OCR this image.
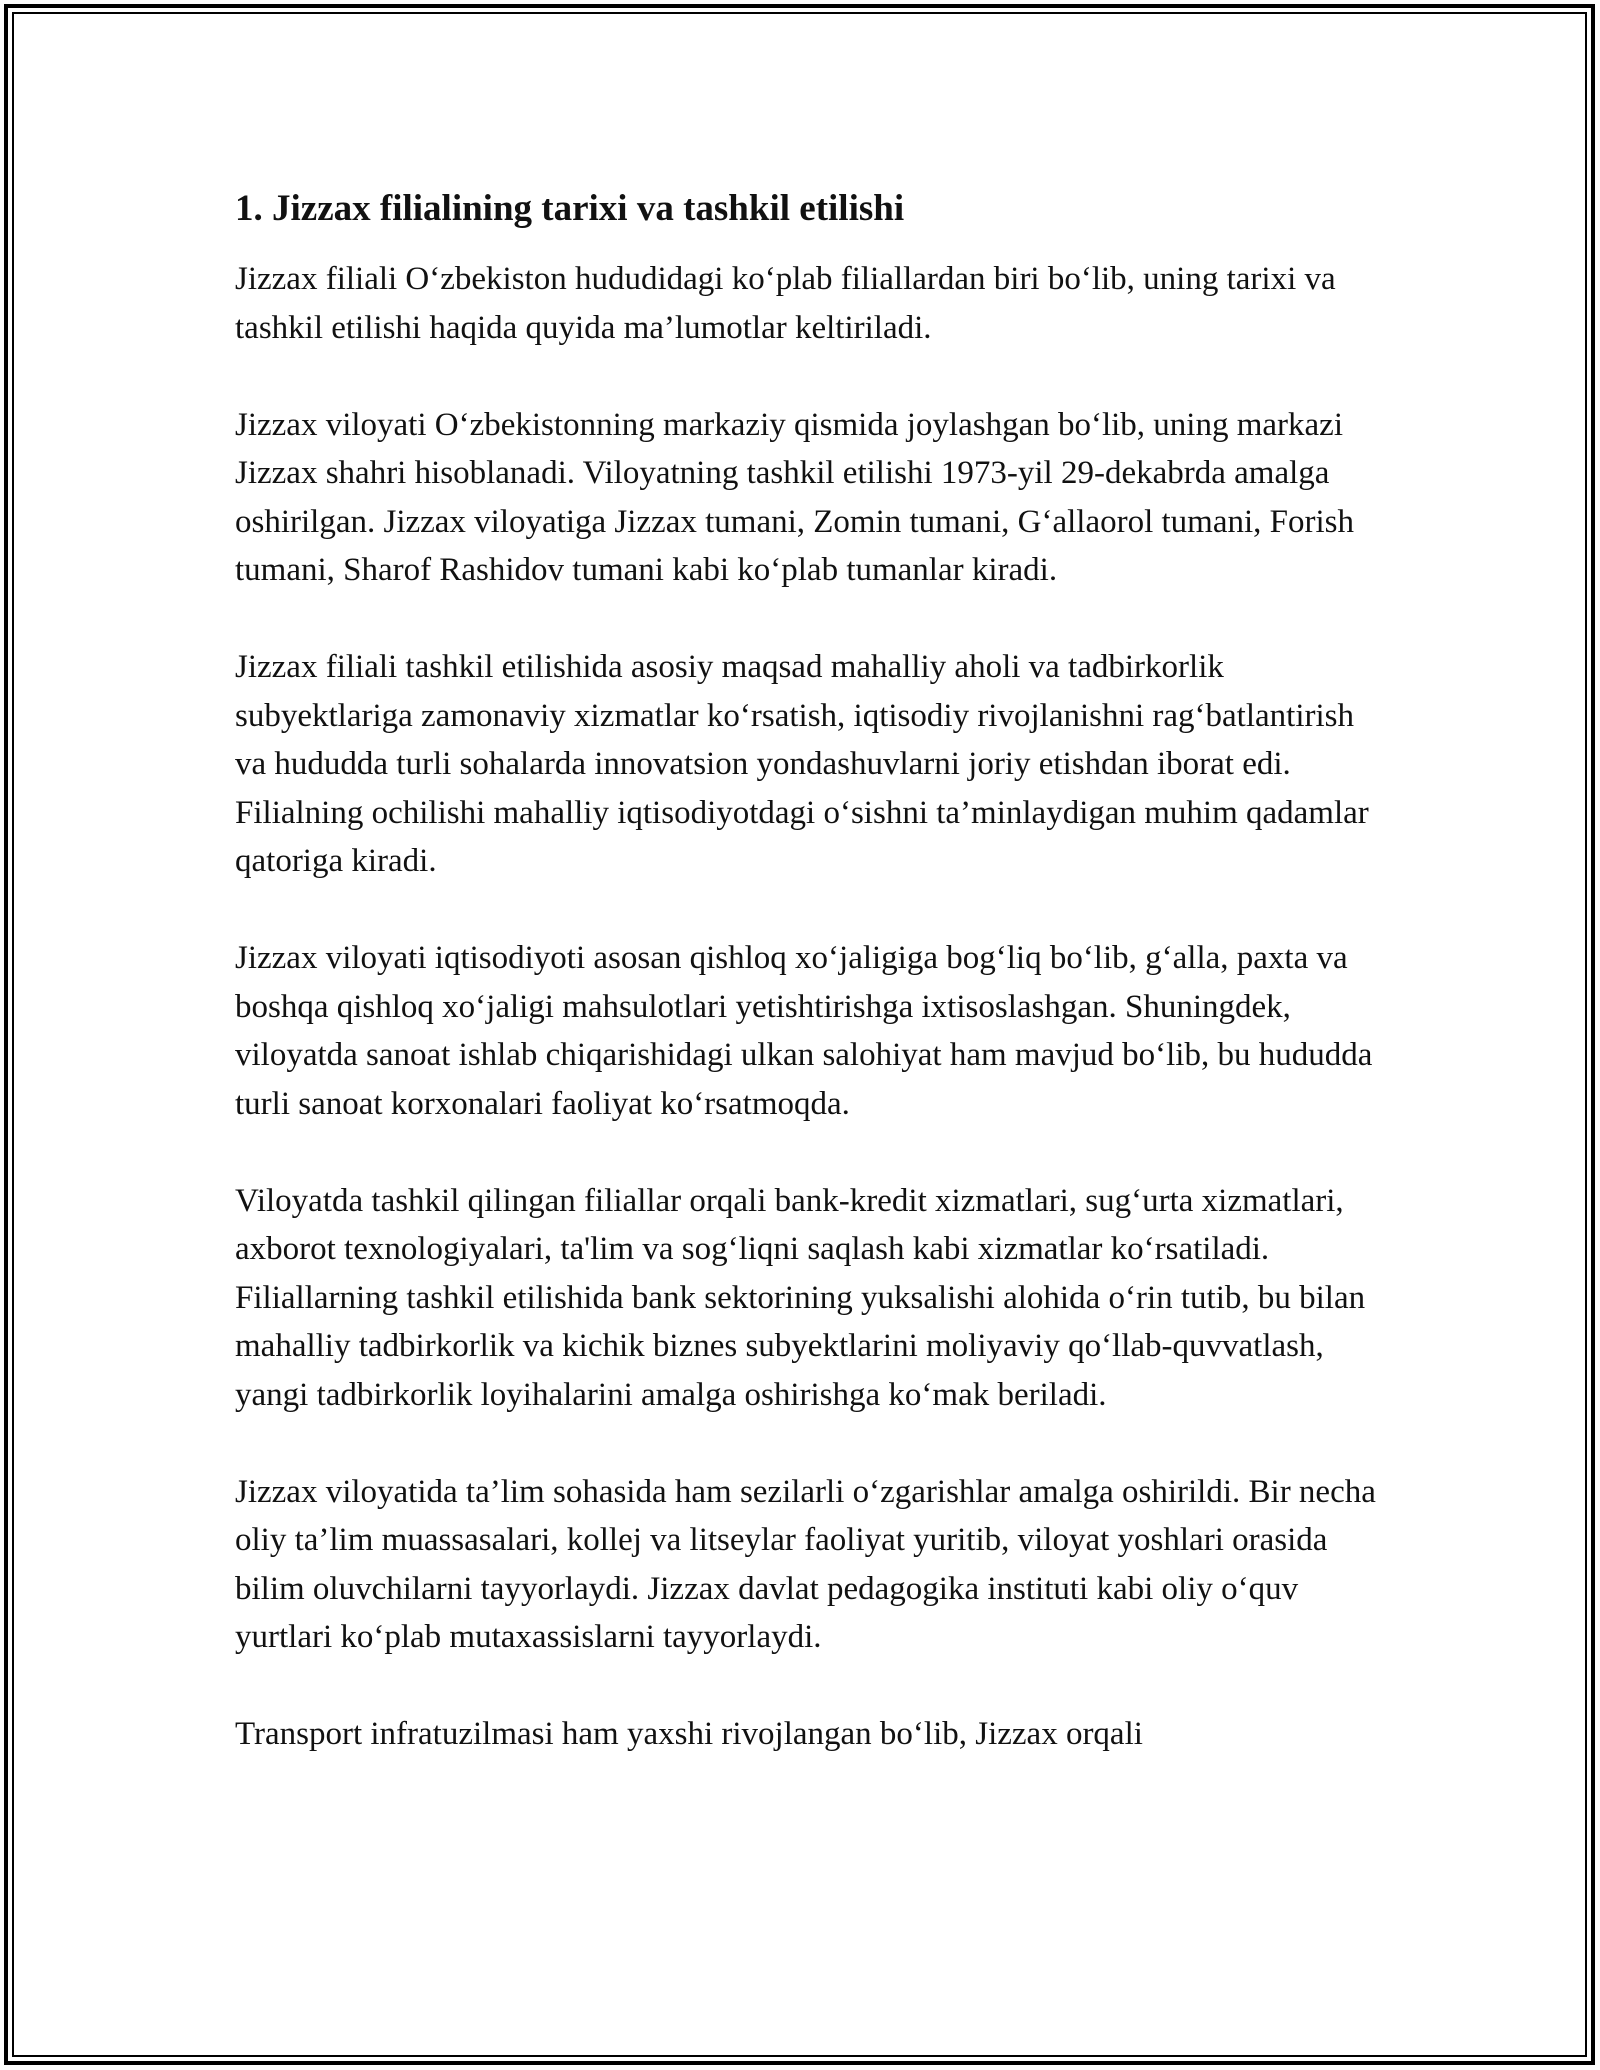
1. Jizzax filialining tarixi va tashkil etilishi

Jizzax filiali O‘zbekiston hududidagi ko‘plab filiallardan biri bo‘lib, uning tarixi va tashkil etilishi haqida quyida ma’lumotlar keltiriladi.

Jizzax viloyati O‘zbekistonning markaziy qismida joylashgan bo‘lib, uning markazi Jizzax shahri hisoblanadi. Viloyatning tashkil etilishi 1973-yil 29-dekabrda amalga oshirilgan. Jizzax viloyatiga Jizzax tumani, Zomin tumani, G‘allaorol tumani, Forish tumani, Sharof Rashidov tumani kabi ko‘plab tumanlar kiradi.

Jizzax filiali tashkil etilishida asosiy maqsad mahalliy aholi va tadbirkorlik subyektlariga zamonaviy xizmatlar ko‘rsatish, iqtisodiy rivojlanishni rag‘batlantirish va hududda turli sohalarda innovatsion yondashuvlarni joriy etishdan iborat edi. Filialning ochilishi mahalliy iqtisodiyotdagi o‘sishni ta’minlaydigan muhim qadamlar qatoriga kiradi.

Jizzax viloyati iqtisodiyoti asosan qishloq xo‘jaligiga bog‘liq bo‘lib, g‘alla, paxta va boshqa qishloq xo‘jaligi mahsulotlari yetishtirishga ixtisoslashgan. Shuningdek, viloyatda sanoat ishlab chiqarishidagi ulkan salohiyat ham mavjud bo‘lib, bu hududda turli sanoat korxonalari faoliyat ko‘rsatmoqda.

Viloyatda tashkil qilingan filiallar orqali bank-kredit xizmatlari, sug‘urta xizmatlari, axborot texnologiyalari, ta'lim va sog‘liqni saqlash kabi xizmatlar ko‘rsatiladi. Filiallarning tashkil etilishida bank sektorining yuksalishi alohida o‘rin tutib, bu bilan mahalliy tadbirkorlik va kichik biznes subyektlarini moliyaviy qo‘llab-quvvatlash, yangi tadbirkorlik loyihalarini amalga oshirishga ko‘mak beriladi.

Jizzax viloyatida ta’lim sohasida ham sezilarli o‘zgarishlar amalga oshirildi. Bir necha oliy ta’lim muassasalari, kollej va litseylar faoliyat yuritib, viloyat yoshlari orasida bilim oluvchilarni tayyorlaydi. Jizzax davlat pedagogika instituti kabi oliy o‘quv yurtlari ko‘plab mutaxassislarni tayyorlaydi.

Transport infratuzilmasi ham yaxshi rivojlangan bo‘lib, Jizzax orqali
